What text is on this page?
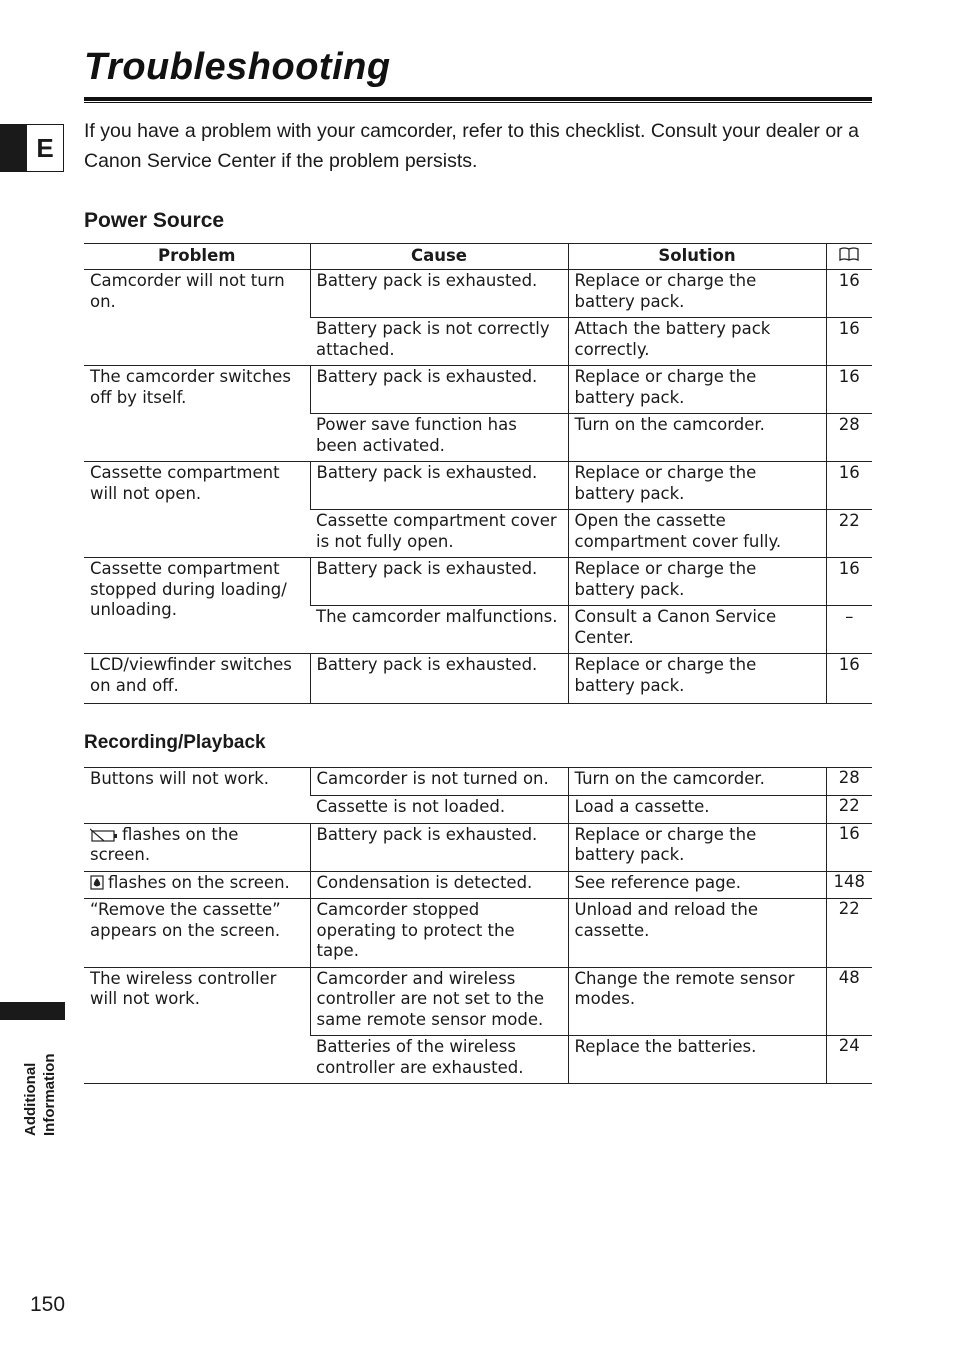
Troubleshooting
E

If you have a problem with your camcorder, refer to this checklist. Consult your dealer or a Canon Service Center if the problem persists.

Power Source
Problem	Cause	Solution	
Camcorder will not turn on.	Battery pack is exhausted.	Replace or charge the battery pack.	16
	Battery pack is not correctly attached.	Attach the battery pack correctly.	16
The camcorder switches off by itself.	Battery pack is exhausted.	Replace or charge the battery pack.	16
	Power save function has been activated.	Turn on the camcorder.	28
Cassette compartment will not open.	Battery pack is exhausted.	Replace or charge the battery pack.	16
	Cassette compartment cover is not fully open.	Open the cassette compartment cover fully.	22
Cassette compartment stopped during loading/ unloading.	Battery pack is exhausted.	Replace or charge the battery pack.	16
	The camcorder malfunctions.	Consult a Canon Service Center.	–
LCD/viewfinder switches on and off.	Battery pack is exhausted.	Replace or charge the battery pack.	16
Recording/Playback
Buttons will not work.	Camcorder is not turned on.	Turn on the camcorder.	28
	Cassette is not loaded.	Load a cassette.	22
flashes on the screen.	Battery pack is exhausted.	Replace or charge the battery pack.	16
flashes on the screen.	Condensation is detected.	See reference page.	148
“Remove the cassette” appears on the screen.	Camcorder stopped operating to protect the tape.	Unload and reload the cassette.	22
The wireless controller will not work.	Camcorder and wireless controller are not set to the same remote sensor mode.	Change the remote sensor modes.	48
	Batteries of the wireless controller are exhausted.	Replace the batteries.	24
Additional Information
150
